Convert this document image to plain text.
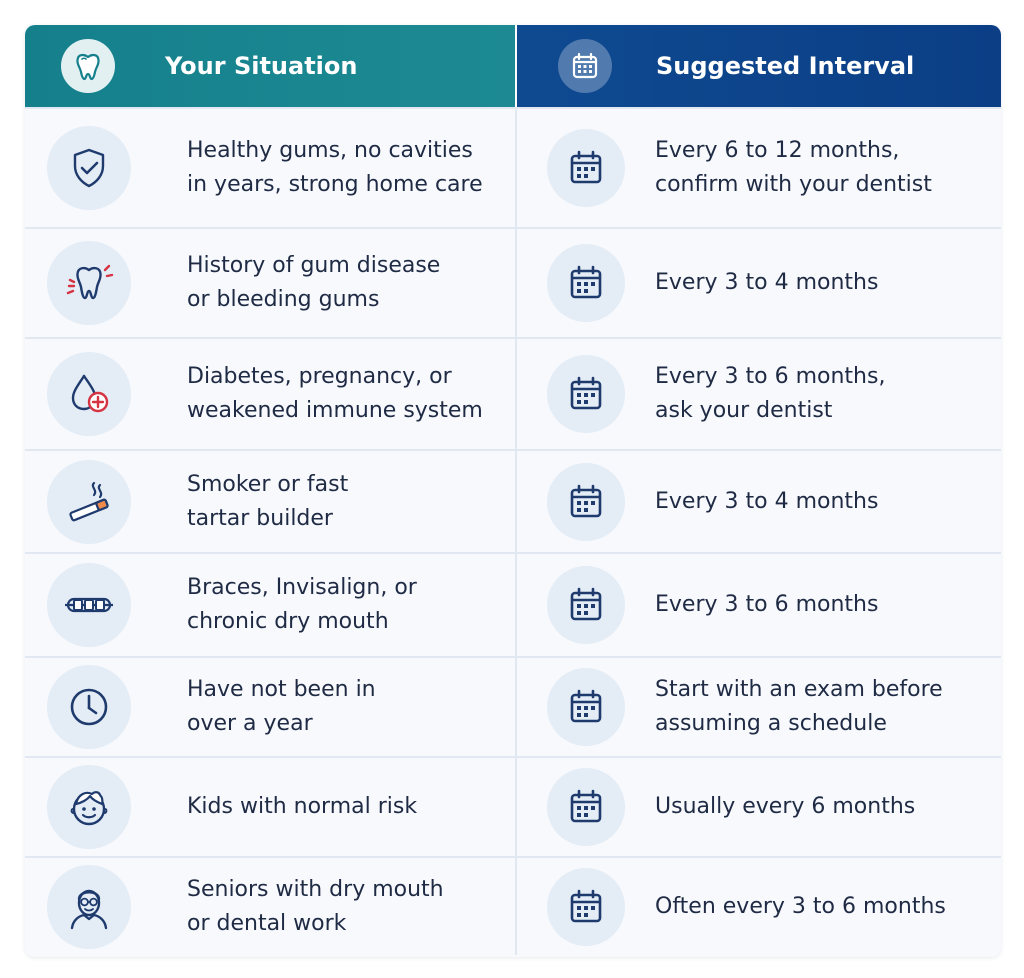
Your Situation	Suggested Interval
Healthy gums, no cavities
in years, strong home care
Every 6 to 12 months,
confirm with your dentist
History of gum disease
or bleeding gums
Every 3 to 4 months
Diabetes, pregnancy, or
weakened immune system
Every 3 to 6 months,
ask your dentist
Smoker or fast
tartar builder
Every 3 to 4 months
Braces, Invisalign, or
chronic dry mouth
Every 3 to 6 months
Have not been in
over a year
Start with an exam before
assuming a schedule
Kids with normal risk	Usually every 6 months
Seniors with dry mouth
or dental work
Often every 3 to 6 months
